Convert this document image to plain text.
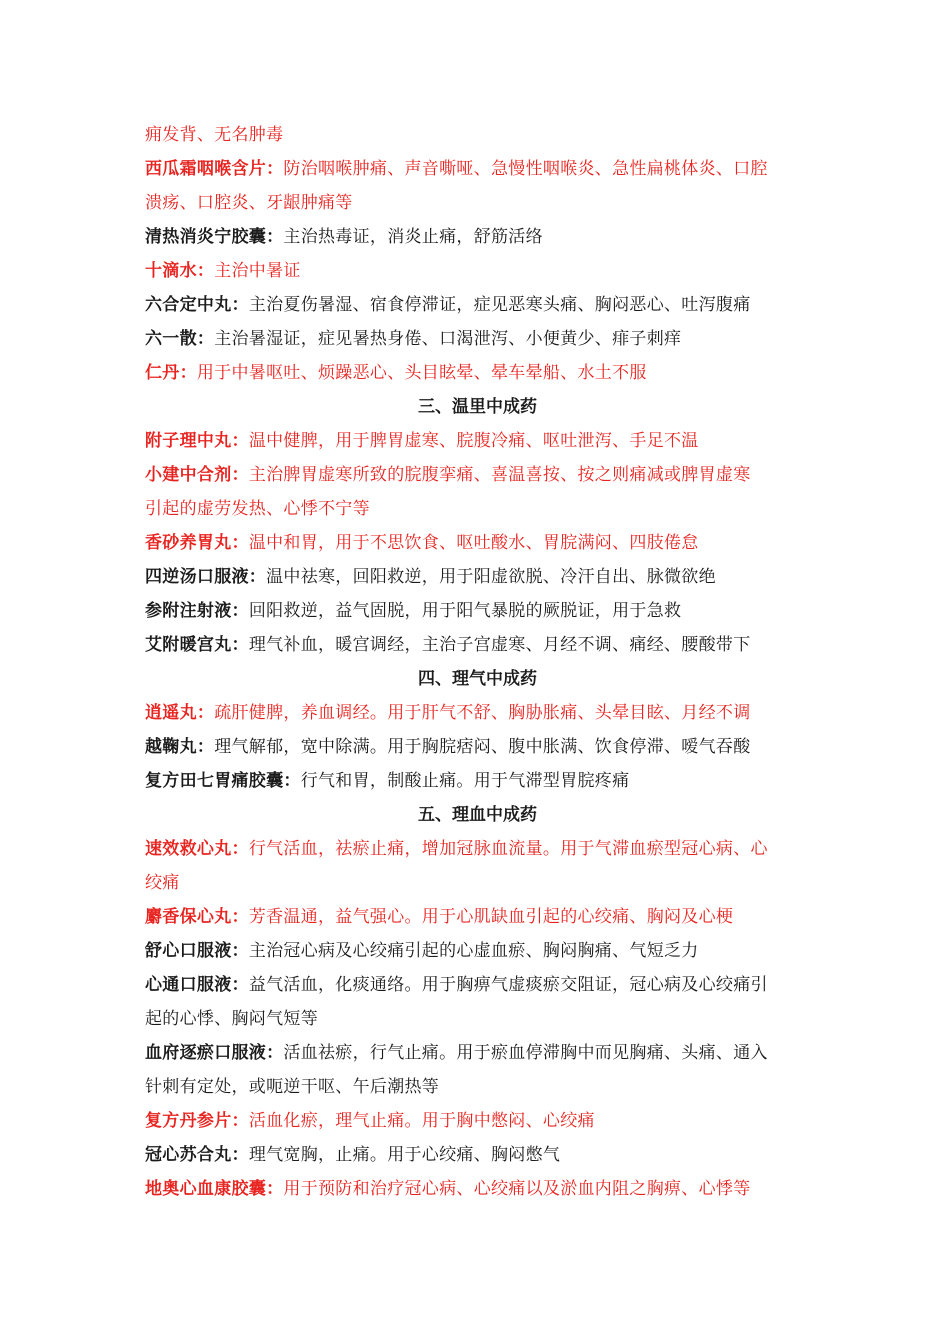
痈发背、无名肿毒
西瓜霜咽喉含片：防治咽喉肿痛、声音嘶哑、急慢性咽喉炎、急性扁桃体炎、口腔
溃疡、口腔炎、牙龈肿痛等
清热消炎宁胶囊：主治热毒证，消炎止痛，舒筋活络
十滴水：主治中暑证
六合定中丸：主治夏伤暑湿、宿食停滞证，症见恶寒头痛、胸闷恶心、吐泻腹痛
六一散：主治暑湿证，症见暑热身倦、口渴泄泻、小便黄少、痱子刺痒
仁丹：用于中暑呕吐、烦躁恶心、头目眩晕、晕车晕船、水土不服
三、温里中成药
附子理中丸：温中健脾，用于脾胃虚寒、脘腹冷痛、呕吐泄泻、手足不温
小建中合剂：主治脾胃虚寒所致的脘腹挛痛、喜温喜按、按之则痛减或脾胃虚寒
引起的虚劳发热、心悸不宁等
香砂养胃丸：温中和胃，用于不思饮食、呕吐酸水、胃脘满闷、四肢倦怠
四逆汤口服液：温中祛寒，回阳救逆，用于阳虚欲脱、冷汗自出、脉微欲绝
参附注射液：回阳救逆，益气固脱，用于阳气暴脱的厥脱证，用于急救
艾附暖宫丸：理气补血，暖宫调经，主治子宫虚寒、月经不调、痛经、腰酸带下
四、理气中成药
逍遥丸：疏肝健脾，养血调经。用于肝气不舒、胸胁胀痛、头晕目眩、月经不调
越鞠丸：理气解郁，宽中除满。用于胸脘痞闷、腹中胀满、饮食停滞、嗳气吞酸
复方田七胃痛胶囊：行气和胃，制酸止痛。用于气滞型胃脘疼痛
五、理血中成药
速效救心丸：行气活血，祛瘀止痛，增加冠脉血流量。用于气滞血瘀型冠心病、心
绞痛
麝香保心丸：芳香温通，益气强心。用于心肌缺血引起的心绞痛、胸闷及心梗
舒心口服液：主治冠心病及心绞痛引起的心虚血瘀、胸闷胸痛、气短乏力
心通口服液：益气活血，化痰通络。用于胸痹气虚痰瘀交阻证，冠心病及心绞痛引
起的心悸、胸闷气短等
血府逐瘀口服液：活血祛瘀，行气止痛。用于瘀血停滞胸中而见胸痛、头痛、通入
针刺有定处，或呃逆干呕、午后潮热等
复方丹参片：活血化瘀，理气止痛。用于胸中憋闷、心绞痛
冠心苏合丸：理气宽胸，止痛。用于心绞痛、胸闷憋气
地奥心血康胶囊：用于预防和治疗冠心病、心绞痛以及淤血内阻之胸痹、心悸等
